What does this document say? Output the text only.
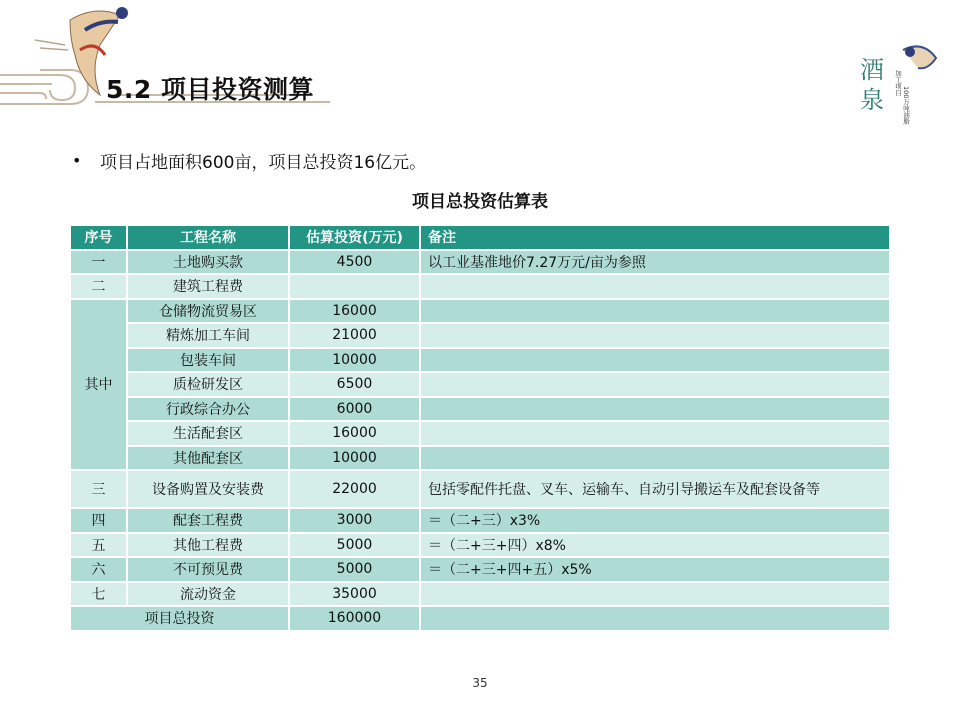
酒
泉
加工项目
100万吨油脂
5.2 项目投资测算
•	项目占地面积600亩，项目总投资16亿元。
项目总投资估算表
序号	工程名称	估算投资(万元)	备注
一	土地购买款	4500	以工业基准地价7.27万元/亩为参照
二	建筑工程费		
其中	仓储物流贸易区	16000	
	精炼加工车间	21000	
	包装车间	10000	
	质检研发区	6500	
	行政综合办公	6000	
	生活配套区	16000	
	其他配套区	10000	
三	设备购置及安装费	22000	包括零配件托盘、叉车、运输车、自动引导搬运车及配套设备等
四	配套工程费	3000	＝（二+三）x3%
五	其他工程费	5000	＝（二+三+四）x8%
六	不可预见费	5000	＝（二+三+四+五）x5%
七	流动资金	35000	
项目总投资		160000	
35
